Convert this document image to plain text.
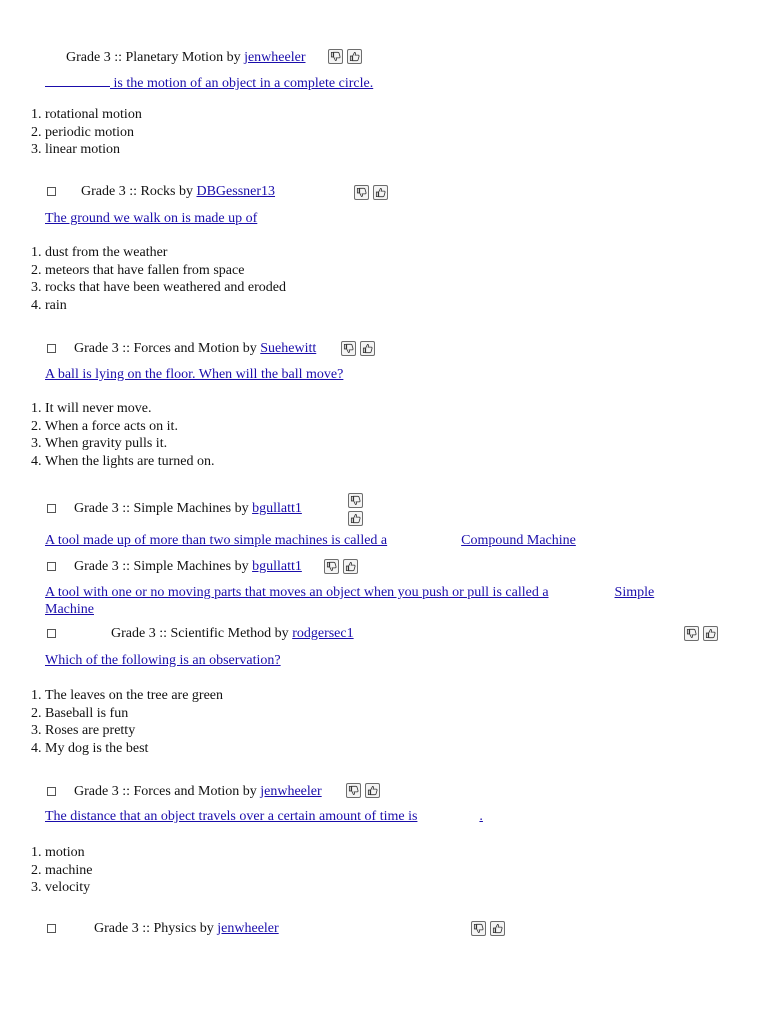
Grade 3 :: Planetary Motion by jenwheeler
is the motion of an object in a complete circle.
1. rotational motion
2. periodic motion
3. linear motion
Grade 3 :: Rocks by DBGessner13
The ground we walk on is made up of
1. dust from the weather
2. meteors that have fallen from space
3. rocks that have been weathered and eroded
4. rain
Grade 3 :: Forces and Motion by Suehewitt
A ball is lying on the floor. When will the ball move?
1. It will never move.
2. When a force acts on it.
3. When gravity pulls it.
4. When the lights are turned on.
Grade 3 :: Simple Machines by bgullatt1
A tool made up of more than two simple machines is called a	Compound Machine
Grade 3 :: Simple Machines by bgullatt1
A tool with one or no moving parts that moves an object when you push or pull is called a	Simple
Machine
Grade 3 :: Scientific Method by rodgersec1
Which of the following is an observation?
1. The leaves on the tree are green
2. Baseball is fun
3. Roses are pretty
4. My dog is the best
Grade 3 :: Forces and Motion by jenwheeler
The distance that an object travels over a certain amount of time is	.
1. motion
2. machine
3. velocity
Grade 3 :: Physics by jenwheeler
